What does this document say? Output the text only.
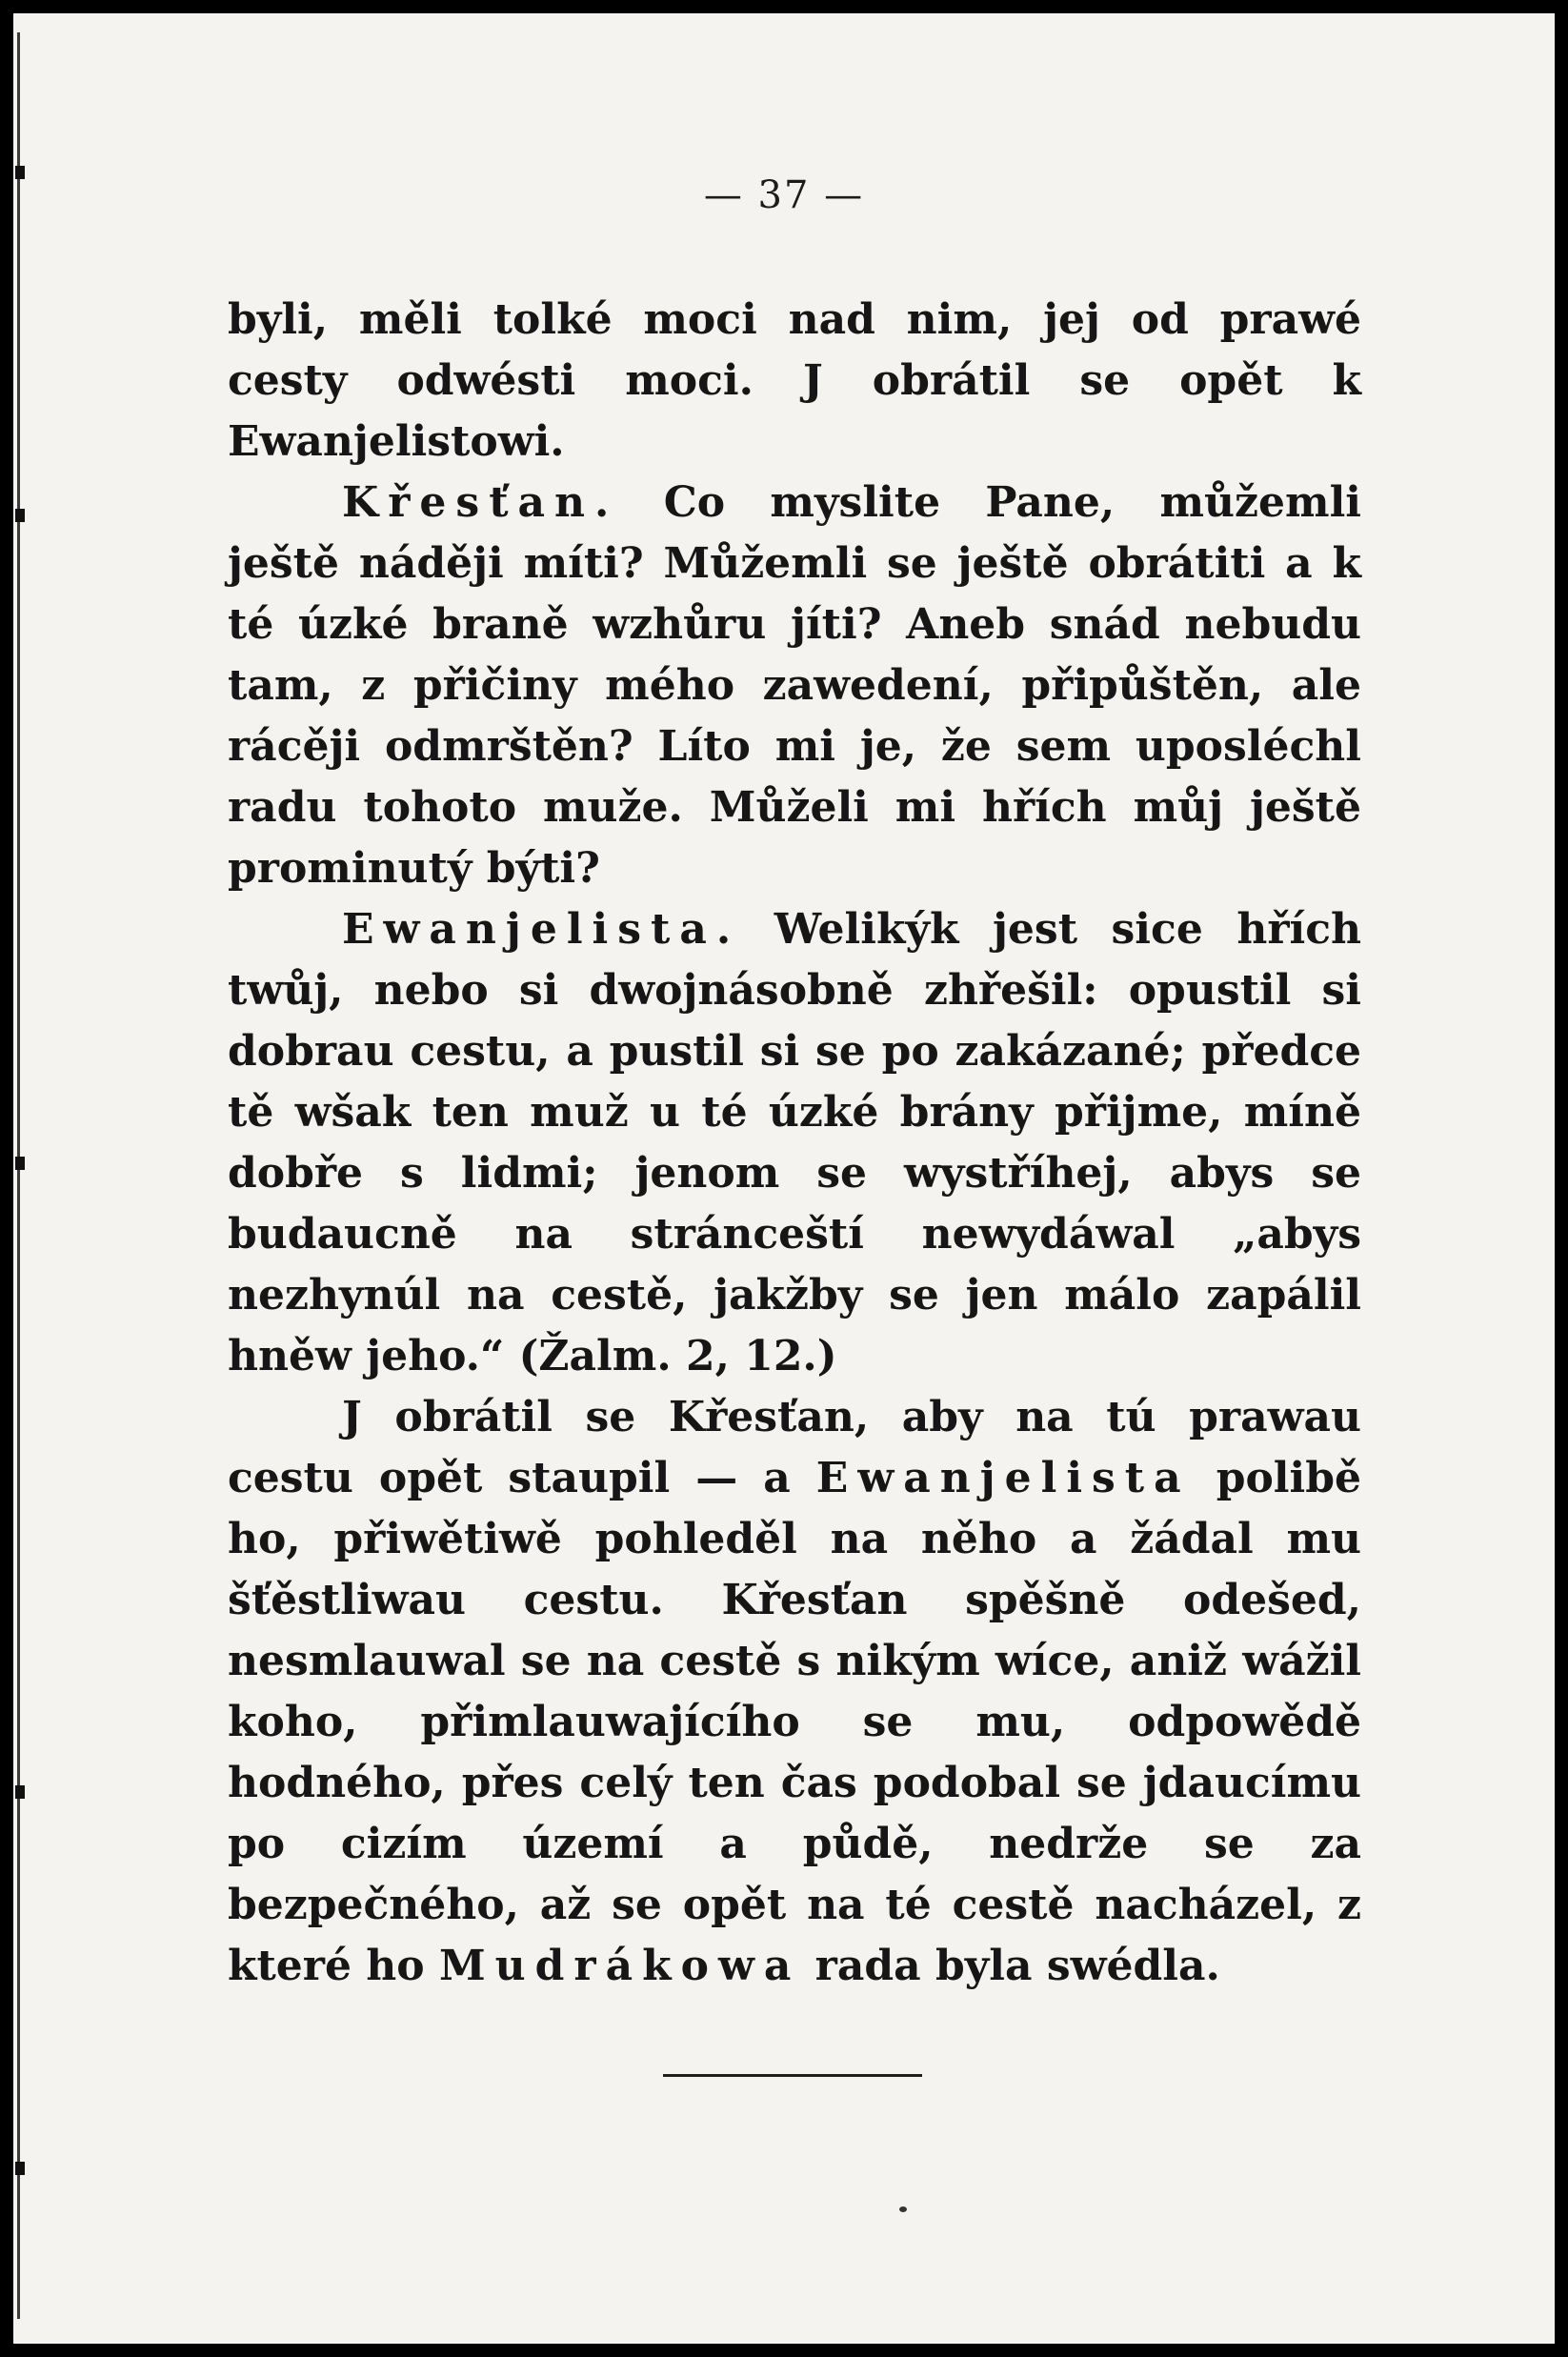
— 37 —

byli, měli tolké moci nad nim, jej od prawé cesty odwésti moci. J obrátil se opět k Ewanjelistowi.

Křesťan. Co myslite Pane, můžemli ještě náději míti? Můžemli se ještě obrátiti a k té úzké braně wzhůru jíti? Aneb snád nebudu tam, z přičiny mého zawedení, připůštěn, ale rácěji odmrštěn? Líto mi je, že sem uposléchl radu tohoto muže. Můželi mi hřích můj ještě prominutý býti?

Ewanjelista. Welikýk jest sice hřích twůj, nebo si dwojnásobně zhřešil: opustil si dobrau cestu, a pustil si se po zakázané; předce tě wšak ten muž u té úzké brány přijme, míně dobře s lidmi; jenom se wystříhej, abys se budaucně na stránceští newydáwal „abys nezhynúl na cestě, jakžby se jen málo zapálil hněw jeho.“ (Žalm. 2, 12.)

J obrátil se Křesťan, aby na tú prawau cestu opět staupil — a Ewanjelista polibě ho, přiwětiwě pohleděl na něho a žádal mu šťěstliwau cestu. Křesťan spěšně odešed, nesmlauwal se na cestě s nikým wíce, aniž wážil koho, přimlauwajícího se mu, odpowědě hodného, přes celý ten čas podobal se jdaucímu po cizím území a půdě, nedrže se za bezpečného, až se opět na té cestě nacházel, z které ho Mudrákowa rada byla swédla.
